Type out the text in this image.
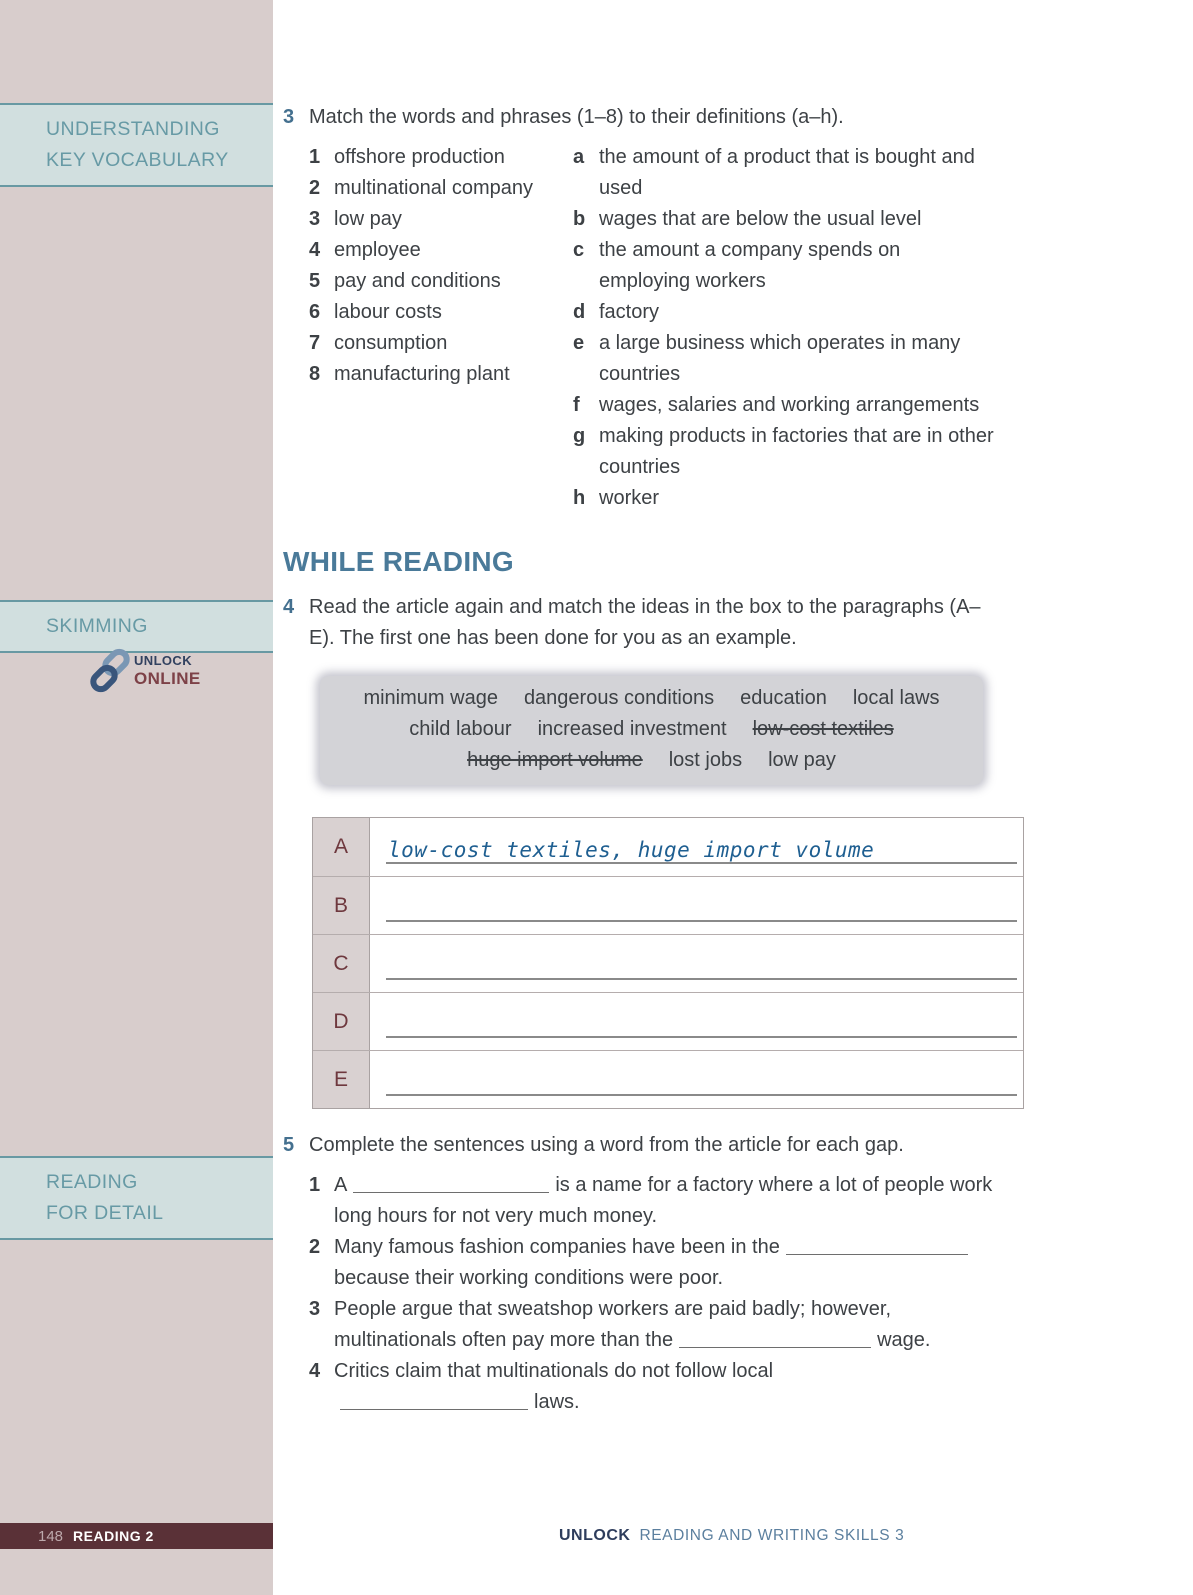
UNDERSTANDING
KEY VOCABULARY
SKIMMING
UNLOCK
ONLINE
READING
FOR DETAIL
148 READING 2
3 Match the words and phrases (1–8) to their definitions (a–h).
1 offshore production
2 multinational company
3 low pay
4 employee
5 pay and conditions
6 labour costs
7 consumption
8 manufacturing plant
a the amount of a product that is bought and used
b wages that are below the usual level
c the amount a company spends on employing workers
d factory
e a large business which operates in many countries
f wages, salaries and working arrangements
g making products in factories that are in other countries
h worker
WHILE READING
4 Read the article again and match the ideas in the box to the paragraphs (A–E). The first one has been done for you as an example.
minimum wage dangerous conditions education local laws
child labour increased investment low-cost textiles
huge import volume lost jobs low pay
A	low-cost textiles, huge import volume
B
C
D
E
5 Complete the sentences using a word from the article for each gap.
1 A	is a name for a factory where a lot of people work long hours for not very much money.
2 Many famous fashion companies have been in the
because their working conditions were poor.
3 People argue that sweatshop workers are paid badly; however,
multinationals often pay more than the	wage.
4 Critics claim that multinationals do not follow local
laws.
UNLOCK READING AND WRITING SKILLS 3
